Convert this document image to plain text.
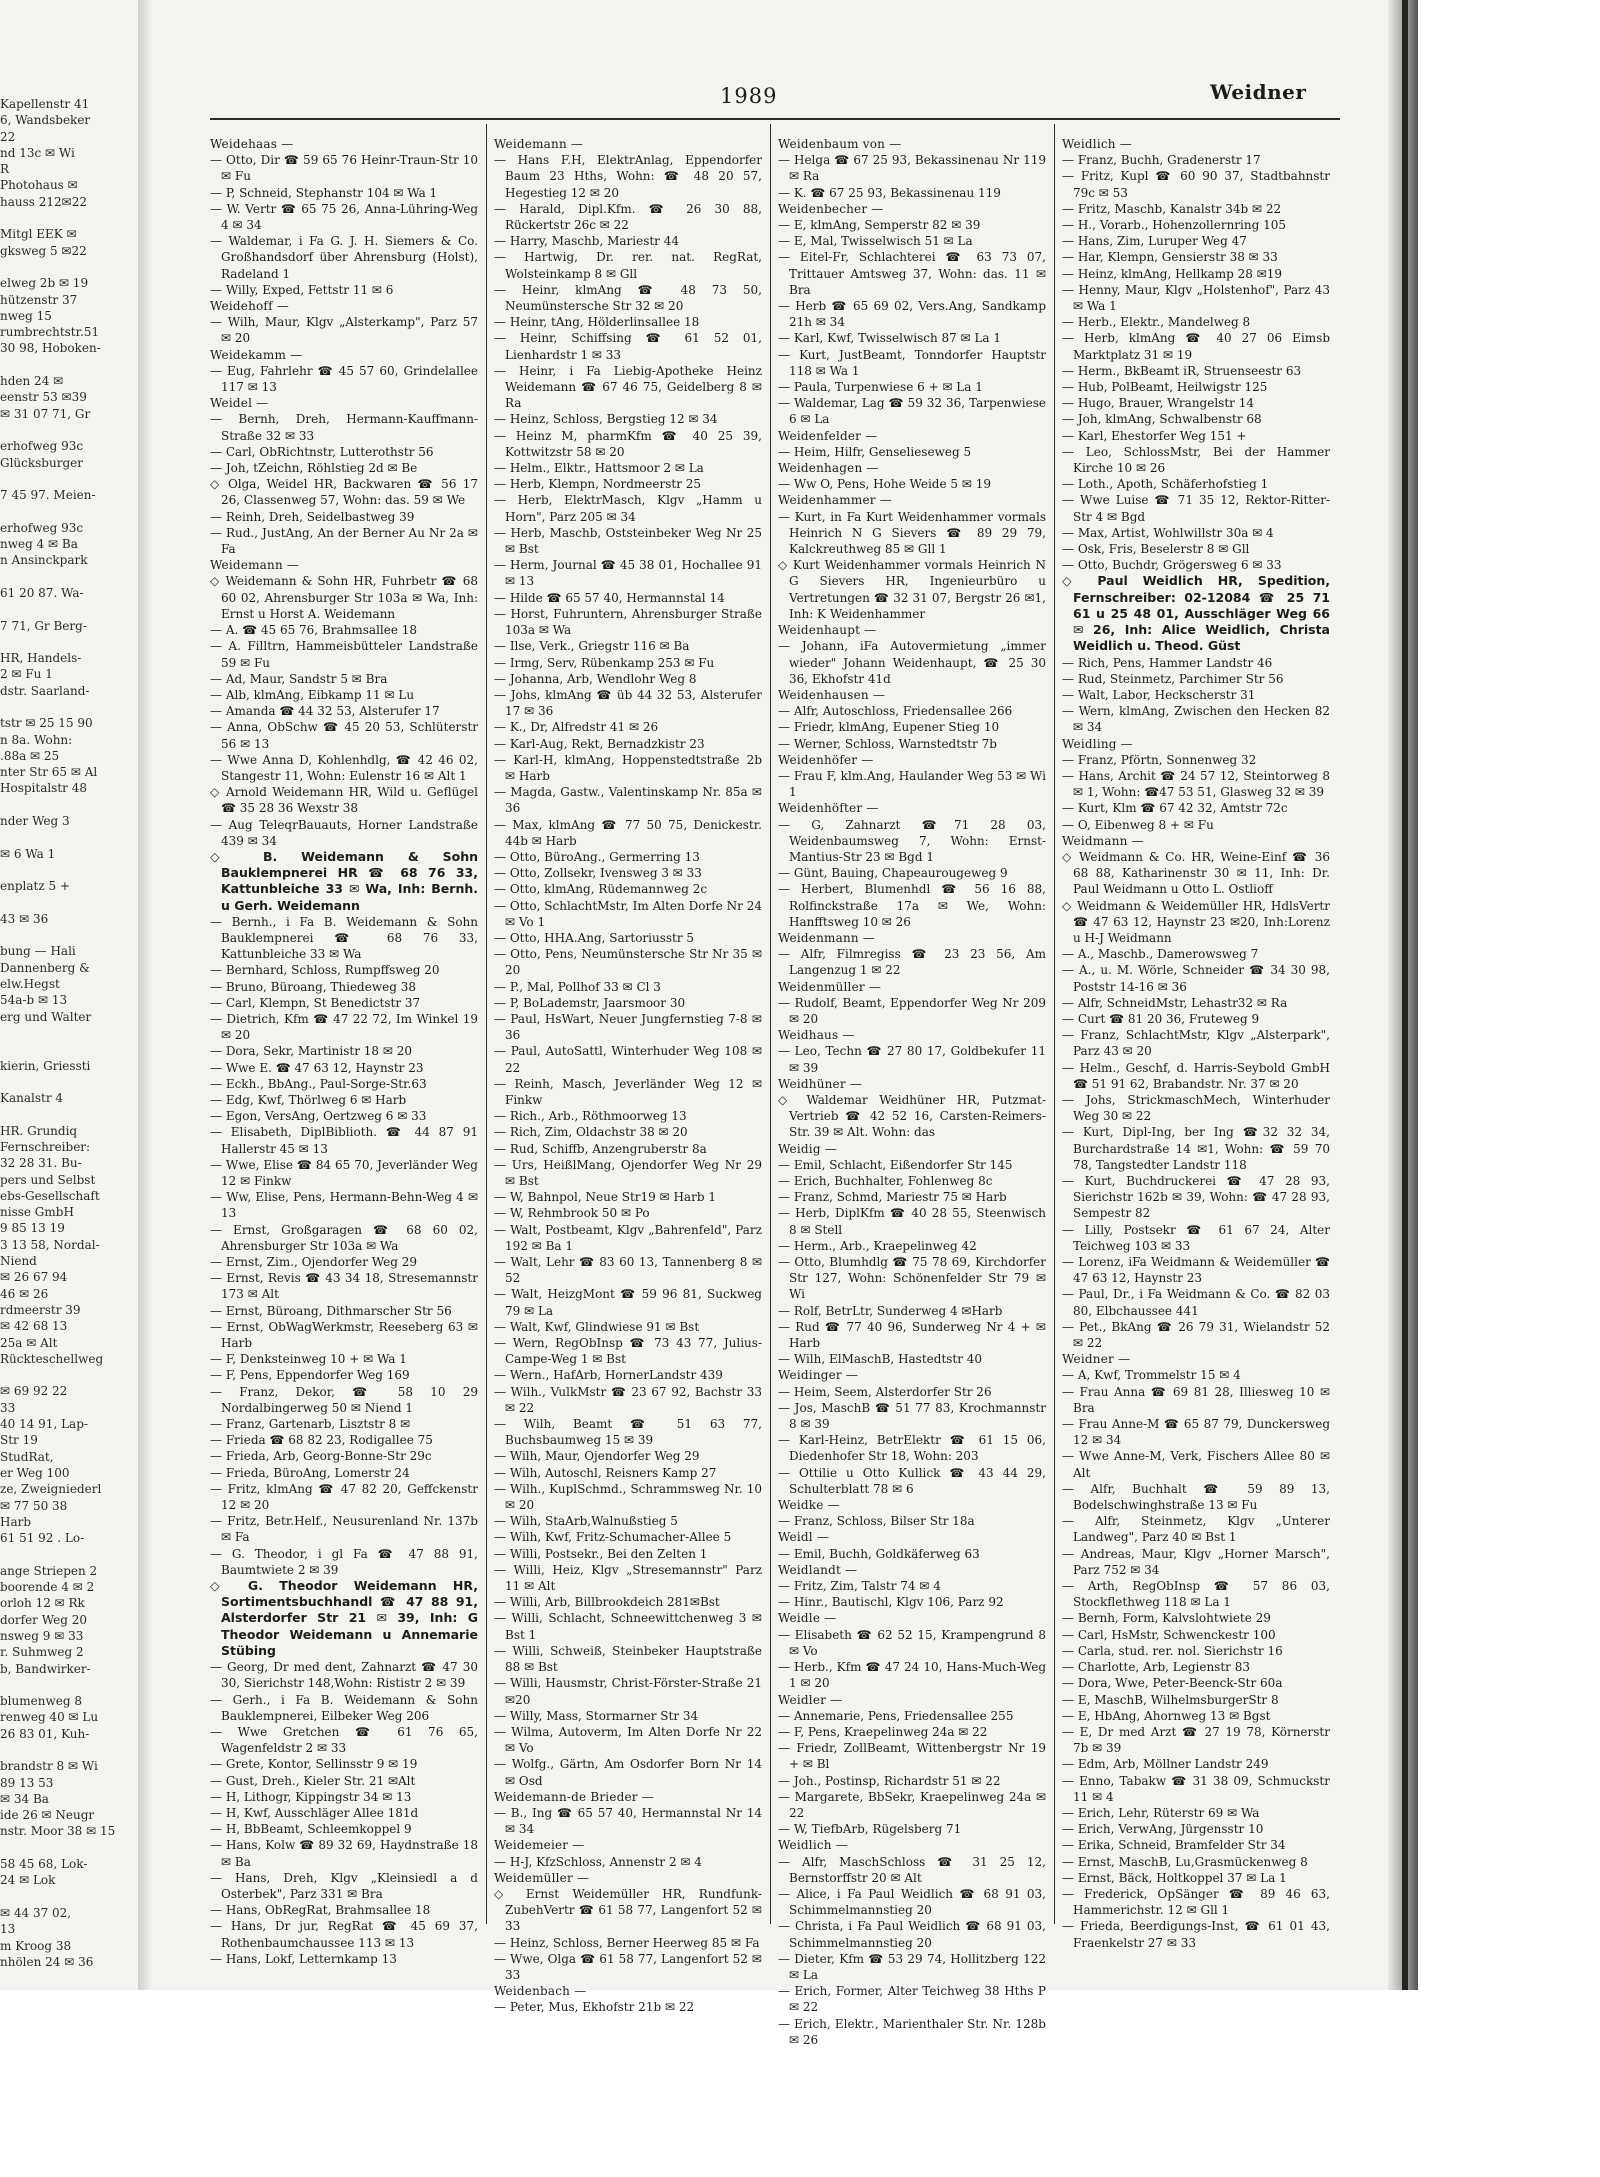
Kapellenstr 41
6, Wandsbeker
22
nd 13c ✉ Wi
R
Photohaus ✉
hauss 212✉22

Mitgl EEK ✉
gksweg 5 ✉22

elweg 2b ✉ 19
hützenstr 37
nweg 15
rumbrechtstr.51
30 98, Hoboken-

hden 24 ✉
eenstr 53 ✉39
✉ 31 07 71, Gr

erhofweg 93c
Glücksburger

7 45 97. Meien-

erhofweg 93c
nweg 4 ✉ Ba
n Ansinckpark

61 20 87. Wa-

7 71, Gr Berg-

HR, Handels-
2 ✉ Fu 1
dstr. Saarland-

tstr ✉ 25 15 90
n 8a. Wohn:
.88a ✉ 25
nter Str 65 ✉ Al
Hospitalstr 48

nder Weg 3

✉ 6 Wa 1

enplatz 5 +

43 ✉ 36

bung — Hali
Dannenberg &
elw.Hegst
54a-b ✉ 13
erg und Walter

kierin, Griessti

Kanalstr 4

HR. Grundiq
Fernschreiber:
32 28 31. Bu-
pers und Selbst
ebs-Gesellschaft
nisse GmbH
9 85 13 19
3 13 58, Nordal-
Niend
✉ 26 67 94
46 ✉ 26
rdmeerstr 39
✉ 42 68 13
25a ✉ Alt
Rückteschellweg

✉ 69 92 22
33
40 14 91, Lap-
Str 19
StudRat,
er Weg 100
ze, Zweigniederl
✉ 77 50 38
Harb
61 51 92 . Lo-

ange Striepen 2
boorende 4 ✉ 2
orloh 12 ✉ Rk
dorfer Weg 20
nsweg 9 ✉ 33
r. Suhmweg 2
b, Bandwirker-

blumenweg 8
renweg 40 ✉ Lu
26 83 01, Kuh-

brandstr 8 ✉ Wi
89 13 53
✉ 34 Ba
ide 26 ✉ Neugr
nstr. Moor 38 ✉ 15

58 45 68, Lok-
24 ✉ Lok

✉ 44 37 02,
13
m Kroog 38
nhölen 24 ✉ 36
1989	Weidner
Weidehaas —
— Otto, Dir ☎ 59 65 76 Heinr-Traun-Str 10 ✉ Fu
— P, Schneid, Stephanstr 104 ✉ Wa 1
— W. Vertr ☎ 65 75 26, Anna-Lühring-Weg 4 ✉ 34
— Waldemar, i Fa G. J. H. Siemers & Co. Großhandsdorf über Ahrensburg (Holst), Radeland 1
— Willy, Exped, Fettstr 11 ✉ 6
Weidehoff —
— Wilh, Maur, Klgv „Alsterkamp", Parz 57 ✉ 20
Weidekamm —
— Eug, Fahrlehr ☎ 45 57 60, Grindelallee 117 ✉ 13
Weidel —
— Bernh, Dreh, Hermann-Kauffmann-Straße 32 ✉ 33
— Carl, ObRichtnstr, Lutterothstr 56
— Joh, tZeichn, Röhlstieg 2d ✉ Be
◇ Olga, Weidel HR, Backwaren ☎ 56 17 26, Classenweg 57, Wohn: das. 59 ✉ We
— Reinh, Dreh, Seidelbastweg 39
— Rud., JustAng, An der Berner Au Nr 2a ✉ Fa
Weidemann —
◇ Weidemann & Sohn HR, Fuhrbetr ☎ 68 60 02, Ahrensburger Str 103a ✉ Wa, Inh: Ernst u Horst A. Weidemann
— A. ☎ 45 65 76, Brahmsallee 18
— A. Filltrn, Hammeisbütteler Landstraße 59 ✉ Fu
— Ad, Maur, Sandstr 5 ✉ Bra
— Alb, klmAng, Eibkamp 11 ✉ Lu
— Amanda ☎ 44 32 53, Alsterufer 17
— Anna, ObSchw ☎ 45 20 53, Schlüterstr 56 ✉ 13
— Wwe Anna D, Kohlenhdlg, ☎ 42 46 02, Stangestr 11, Wohn: Eulenstr 16 ✉ Alt 1
◇ Arnold Weidemann HR, Wild u. Geflügel ☎ 35 28 36 Wexstr 38
— Aug TeleqrBauauts, Horner Landstraße 439 ✉ 34
◇ B. Weidemann & Sohn Bauklempnerei HR ☎ 68 76 33, Kattunbleiche 33 ✉ Wa, Inh: Bernh. u Gerh. Weidemann
— Bernh., i Fa B. Weidemann & Sohn Bauklempnerei ☎ 68 76 33, Kattunbleiche 33 ✉ Wa
— Bernhard, Schloss, Rumpffsweg 20
— Bruno, Büroang, Thiedeweg 38
— Carl, Klempn, St Benedictstr 37
— Dietrich, Kfm ☎ 47 22 72, Im Winkel 19 ✉ 20
— Dora, Sekr, Martinistr 18 ✉ 20
— Wwe E. ☎ 47 63 12, Haynstr 23
— Eckh., BbAng., Paul-Sorge-Str.63
— Edg, Kwf, Thörlweg 6 ✉ Harb
— Egon, VersAng, Oertzweg 6 ✉ 33
— Elisabeth, DiplBiblioth. ☎ 44 87 91 Hallerstr 45 ✉ 13
— Wwe, Elise ☎ 84 65 70, Jeverländer Weg 12 ✉ Finkw
— Ww, Elise, Pens, Hermann-Behn-Weg 4 ✉ 13
— Ernst, Großgaragen ☎ 68 60 02, Ahrensburger Str 103a ✉ Wa
— Ernst, Zim., Ojendorfer Weg 29
— Ernst, Revis ☎ 43 34 18, Stresemannstr 173 ✉ Alt
— Ernst, Büroang, Dithmarscher Str 56
— Ernst, ObWagWerkmstr, Reeseberg 63 ✉ Harb
— F, Denksteinweg 10 + ✉ Wa 1
— F, Pens, Eppendorfer Weg 169
— Franz, Dekor, ☎ 58 10 29 Nordalbingerweg 50 ✉ Niend 1
— Franz, Gartenarb, Lisztstr 8 ✉
— Frieda ☎ 68 82 23, Rodigallee 75
— Frieda, Arb, Georg-Bonne-Str 29c
— Frieda, BüroAng, Lomerstr 24
— Fritz, klmAng ☎ 47 82 20, Geffckenstr 12 ✉ 20
— Fritz, Betr.Helf., Neusurenland Nr. 137b ✉ Fa
— G. Theodor, i gl Fa ☎ 47 88 91, Baumtwiete 2 ✉ 39
◇ G. Theodor Weidemann HR, Sortimentsbuchhandl ☎ 47 88 91, Alsterdorfer Str 21 ✉ 39, Inh: G Theodor Weidemann u Annemarie Stübing
— Georg, Dr med dent, Zahnarzt ☎ 47 30 30, Sierichstr 148,Wohn: Rististr 2 ✉ 39
— Gerh., i Fa B. Weidemann & Sohn Bauklempnerei, Eilbeker Weg 206
— Wwe Gretchen ☎ 61 76 65, Wagenfeldstr 2 ✉ 33
— Grete, Kontor, Sellinsstr 9 ✉ 19
— Gust, Dreh., Kieler Str. 21 ✉Alt
— H, Lithogr, Kippingstr 34 ✉ 13
— H, Kwf, Ausschläger Allee 181d
— H, BbBeamt, Schleemkoppel 9
— Hans, Kolw ☎ 89 32 69, Haydnstraße 18 ✉ Ba
— Hans, Dreh, Klgv „Kleinsiedl a d Osterbek", Parz 331 ✉ Bra
— Hans, ObRegRat, Brahmsallee 18
— Hans, Dr jur, RegRat ☎ 45 69 37, Rothenbaumchaussee 113 ✉ 13
— Hans, Lokf, Letternkamp 13
Weidemann —
— Hans F.H, ElektrAnlag, Eppendorfer Baum 23 Hths, Wohn: ☎ 48 20 57, Hegestieg 12 ✉ 20
— Harald, Dipl.Kfm. ☎ 26 30 88, Rückertstr 26c ✉ 22
— Harry, Maschb, Mariestr 44
— Hartwig, Dr. rer. nat. RegRat, Wolsteinkamp 8 ✉ Gll
— Heinr, klmAng ☎ 48 73 50, Neumünstersche Str 32 ✉ 20
— Heinr, tAng, Hölderlinsallee 18
— Heinr, Schiffsing ☎ 61 52 01, Lienhardstr 1 ✉ 33
— Heinr, i Fa Liebig-Apotheke Heinz Weidemann ☎ 67 46 75, Geidelberg 8 ✉ Ra
— Heinz, Schloss, Bergstieg 12 ✉ 34
— Heinz M, pharmKfm ☎ 40 25 39, Kottwitzstr 58 ✉ 20
— Helm., Elktr., Hattsmoor 2 ✉ La
— Herb, Klempn, Nordmeerstr 25
— Herb, ElektrMasch, Klgv „Hamm u Horn", Parz 205 ✉ 34
— Herb, Maschb, Oststeinbeker Weg Nr 25 ✉ Bst
— Herm, Journal ☎ 45 38 01, Hochallee 91 ✉ 13
— Hilde ☎ 65 57 40, Hermannstal 14
— Horst, Fuhruntern, Ahrensburger Straße 103a ✉ Wa
— Ilse, Verk., Griegstr 116 ✉ Ba
— Irmg, Serv, Rübenkamp 253 ✉ Fu
— Johanna, Arb, Wendlohr Weg 8
— Johs, klmAng ☎ üb 44 32 53, Alsterufer 17 ✉ 36
— K., Dr, Alfredstr 41 ✉ 26
— Karl-Aug, Rekt, Bernadzkistr 23
— Karl-H, klmAng, Hoppenstedtstraße 2b ✉ Harb
— Magda, Gastw., Valentinskamp Nr. 85a ✉ 36
— Max, klmAng ☎ 77 50 75, Denickestr. 44b ✉ Harb
— Otto, BüroAng., Germerring 13
— Otto, Zollsekr, Ivensweg 3 ✉ 33
— Otto, klmAng, Rüdemannweg 2c
— Otto, SchlachtMstr, Im Alten Dorfe Nr 24 ✉ Vo 1
— Otto, HHA.Ang, Sartoriusstr 5
— Otto, Pens, Neumünstersche Str Nr 35 ✉ 20
— P., Mal, Pollhof 33 ✉ Cl 3
— P, BoLademstr, Jaarsmoor 30
— Paul, HsWart, Neuer Jungfernstieg 7-8 ✉ 36
— Paul, AutoSattl, Winterhuder Weg 108 ✉ 22
— Reinh, Masch, Jeverländer Weg 12 ✉ Finkw
— Rich., Arb., Röthmoorweg 13
— Rich, Zim, Oldachstr 38 ✉ 20
— Rud, Schiffb, Anzengruberstr 8a
— Urs, HeißlMang, Ojendorfer Weg Nr 29 ✉ Bst
— W, Bahnpol, Neue Str19 ✉ Harb 1
— W, Rehmbrook 50 ✉ Po
— Walt, Postbeamt, Klgv „Bahrenfeld", Parz 192 ✉ Ba 1
— Walt, Lehr ☎ 83 60 13, Tannenberg 8 ✉ 52
— Walt, HeizgMont ☎ 59 96 81, Suckweg 79 ✉ La
— Walt, Kwf, Glindwiese 91 ✉ Bst
— Wern, RegObInsp ☎ 73 43 77, Julius-Campe-Weg 1 ✉ Bst
— Wern., HafArb, HornerLandstr 439
— Wilh., VulkMstr ☎ 23 67 92, Bachstr 33 ✉ 22
— Wilh, Beamt ☎ 51 63 77, Buchsbaumweg 15 ✉ 39
— Wilh, Maur, Ojendorfer Weg 29
— Wilh, Autoschl, Reisners Kamp 27
— Wilh., KuplSchmd., Schrammsweg Nr. 10 ✉ 20
— Wilh, StaArb,Walnußstieg 5
— Wilh, Kwf, Fritz-Schumacher-Allee 5
— Willi, Postsekr., Bei den Zelten 1
— Willi, Heiz, Klgv „Stresemannstr" Parz 11 ✉ Alt
— Willi, Arb, Billbrookdeich 281✉Bst
— Willi, Schlacht, Schneewittchenweg 3 ✉ Bst 1
— Willi, Schweiß, Steinbeker Hauptstraße 88 ✉ Bst
— Willi, Hausmstr, Christ-Förster-Straße 21 ✉20
— Willy, Mass, Stormarner Str 34
— Wilma, Autoverm, Im Alten Dorfe Nr 22 ✉ Vo
— Wolfg., Gärtn, Am Osdorfer Born Nr 14 ✉ Osd
Weidemann-de Brieder —
— B., Ing ☎ 65 57 40, Hermannstal Nr 14 ✉ 34
Weidemeier —
— H-J, KfzSchloss, Annenstr 2 ✉ 4
Weidemüller —
◇ Ernst Weidemüller HR, Rundfunk-ZubehVertr ☎ 61 58 77, Langenfort 52 ✉ 33
— Heinz, Schloss, Berner Heerweg 85 ✉ Fa
— Wwe, Olga ☎ 61 58 77, Langenfort 52 ✉ 33
Weidenbach —
— Peter, Mus, Ekhofstr 21b ✉ 22
Weidenbaum von —
— Helga ☎ 67 25 93, Bekassinenau Nr 119 ✉ Ra
— K. ☎ 67 25 93, Bekassinenau 119
Weidenbecher —
— E, klmAng, Semperstr 82 ✉ 39
— E, Mal, Twisselwisch 51 ✉ La
— Eitel-Fr, Schlachterei ☎ 63 73 07, Trittauer Amtsweg 37, Wohn: das. 11 ✉ Bra
— Herb ☎ 65 69 02, Vers.Ang, Sandkamp 21h ✉ 34
— Karl, Kwf, Twisselwisch 87 ✉ La 1
— Kurt, JustBeamt, Tonndorfer Hauptstr 118 ✉ Wa 1
— Paula, Turpenwiese 6 + ✉ La 1
— Waldemar, Lag ☎ 59 32 36, Tarpenwiese 6 ✉ La
Weidenfelder —
— Heim, Hilfr, Genselieseweg 5
Weidenhagen —
— Ww O, Pens, Hohe Weide 5 ✉ 19
Weidenhammer —
— Kurt, in Fa Kurt Weidenhammer vormals Heinrich N G Sievers ☎ 89 29 79, Kalckreuthweg 85 ✉ Gll 1
◇ Kurt Weidenhammer vormals Heinrich N G Sievers HR, Ingenieurbüro u Vertretungen ☎ 32 31 07, Bergstr 26 ✉1, Inh: K Weidenhammer
Weidenhaupt —
— Johann, iFa Autovermietung „immer wieder" Johann Weidenhaupt, ☎ 25 30 36, Ekhofstr 41d
Weidenhausen —
— Alfr, Autoschloss, Friedensallee 266
— Friedr, klmAng, Eupener Stieg 10
— Werner, Schloss, Warnstedtstr 7b
Weidenhöfer —
— Frau F, klm.Ang, Haulander Weg 53 ✉ Wi 1
Weidenhöfter —
— G, Zahnarzt ☎71 28 03, Weidenbaumsweg 7, Wohn: Ernst-Mantius-Str 23 ✉ Bgd 1
— Günt, Bauing, Chapeaurougeweg 9
— Herbert, Blumenhdl ☎ 56 16 88, Rolfinckstraße 17a ✉ We, Wohn: Hanfftsweg 10 ✉ 26
Weidenmann —
— Alfr, Filmregiss ☎ 23 23 56, Am Langenzug 1 ✉ 22
Weidenmüller —
— Rudolf, Beamt, Eppendorfer Weg Nr 209 ✉ 20
Weidhaus —
— Leo, Techn ☎ 27 80 17, Goldbekufer 11 ✉ 39
Weidhüner —
◇ Waldemar Weidhüner HR, Putzmat-Vertrieb ☎ 42 52 16, Carsten-Reimers-Str. 39 ✉ Alt. Wohn: das
Weidig —
— Emil, Schlacht, Eißendorfer Str 145
— Erich, Buchhalter, Fohlenweg 8c
— Franz, Schmd, Mariestr 75 ✉ Harb
— Herb, DiplKfm ☎ 40 28 55, Steenwisch 8 ✉ Stell
— Herm., Arb., Kraepelinweg 42
— Otto, Blumhdlg ☎ 75 78 69, Kirchdorfer Str 127, Wohn: Schönenfelder Str 79 ✉ Wi
— Rolf, BetrLtr, Sunderweg 4 ✉Harb
— Rud ☎ 77 40 96, Sunderweg Nr 4 + ✉ Harb
— Wilh, ElMaschB, Hastedtstr 40
Weidinger —
— Heim, Seem, Alsterdorfer Str 26
— Jos, MaschB ☎ 51 77 83, Krochmannstr 8 ✉ 39
— Karl-Heinz, BetrElektr ☎ 61 15 06, Diedenhofer Str 18, Wohn: 203
— Ottilie u Otto Kullick ☎ 43 44 29, Schulterblatt 78 ✉ 6
Weidke —
— Franz, Schloss, Bilser Str 18a
Weidl —
— Emil, Buchh, Goldkäferweg 63
Weidlandt —
— Fritz, Zim, Talstr 74 ✉ 4
— Hinr., Bautischl, Klgv 106, Parz 92
Weidle —
— Elisabeth ☎ 62 52 15, Krampengrund 8 ✉ Vo
— Herb., Kfm ☎ 47 24 10, Hans-Much-Weg 1 ✉ 20
Weidler —
— Annemarie, Pens, Friedensallee 255
— F, Pens, Kraepelinweg 24a ✉ 22
— Friedr, ZollBeamt, Wittenbergstr Nr 19 + ✉ Bl
— Joh., Postinsp, Richardstr 51 ✉ 22
— Margarete, BbSekr, Kraepelinweg 24a ✉ 22
— W, TiefbArb, Rügelsberg 71
Weidlich —
— Alfr, MaschSchloss ☎ 31 25 12, Bernstorffstr 20 ✉ Alt
— Alice, i Fa Paul Weidlich ☎ 68 91 03, Schimmelmannstieg 20
— Christa, i Fa Paul Weidlich ☎ 68 91 03, Schimmelmannstieg 20
— Dieter, Kfm ☎ 53 29 74, Hollitzberg 122 ✉ La
— Erich, Former, Alter Teichweg 38 Hths P ✉ 22
— Erich, Elektr., Marienthaler Str. Nr. 128b ✉ 26
Weidlich —
— Franz, Buchh, Gradenerstr 17
— Fritz, Kupl ☎ 60 90 37, Stadtbahnstr 79c ✉ 53
— Fritz, Maschb, Kanalstr 34b ✉ 22
— H., Vorarb., Hohenzollernring 105
— Hans, Zim, Luruper Weg 47
— Har, Klempn, Gensierstr 38 ✉ 33
— Heinz, klmAng, Hellkamp 28 ✉19
— Henny, Maur, Klgv „Holstenhof", Parz 43 ✉ Wa 1
— Herb., Elektr., Mandelweg 8
— Herb, klmAng ☎ 40 27 06 Eimsb Marktplatz 31 ✉ 19
— Herm., BkBeamt iR, Struenseestr 63
— Hub, PolBeamt, Heilwigstr 125
— Hugo, Brauer, Wrangelstr 14
— Joh, klmAng, Schwalbenstr 68
— Karl, Ehestorfer Weg 151 +
— Leo, SchlossMstr, Bei der Hammer Kirche 10 ✉ 26
— Loth., Apoth, Schäferhofstieg 1
— Wwe Luise ☎ 71 35 12, Rektor-Ritter-Str 4 ✉ Bgd
— Max, Artist, Wohlwillstr 30a ✉ 4
— Osk, Fris, Beselerstr 8 ✉ Gll
— Otto, Buchdr, Grögersweg 6 ✉ 33
◇ Paul Weidlich HR, Spedition, Fernschreiber: 02-12084 ☎ 25 71 61 u 25 48 01, Ausschläger Weg 66 ✉ 26, Inh: Alice Weidlich, Christa Weidlich u. Theod. Güst
— Rich, Pens, Hammer Landstr 46
— Rud, Steinmetz, Parchimer Str 56
— Walt, Labor, Heckscherstr 31
— Wern, klmAng, Zwischen den Hecken 82 ✉ 34
Weidling —
— Franz, Pförtn, Sonnenweg 32
— Hans, Archit ☎ 24 57 12, Steintorweg 8 ✉ 1, Wohn: ☎47 53 51, Glasweg 32 ✉ 39
— Kurt, Klm ☎ 67 42 32, Amtstr 72c
— O, Eibenweg 8 + ✉ Fu
Weidmann —
◇ Weidmann & Co. HR, Weine-Einf ☎ 36 68 88, Katharinenstr 30 ✉ 11, Inh: Dr. Paul Weidmann u Otto L. Ostlioff
◇ Weidmann & Weidemüller HR, HdlsVertr ☎ 47 63 12, Haynstr 23 ✉20, Inh:Lorenz u H-J Weidmann
— A., Maschb., Damerowsweg 7
— A., u. M. Wörle, Schneider ☎ 34 30 98, Poststr 14-16 ✉ 36
— Alfr, SchneidMstr, Lehastr32 ✉ Ra
— Curt ☎ 81 20 36, Fruteweg 9
— Franz, SchlachtMstr, Klgv „Alsterpark", Parz 43 ✉ 20
— Helm., Geschf, d. Harris-Seybold GmbH ☎ 51 91 62, Brabandstr. Nr. 37 ✉ 20
— Johs, StrickmaschMech, Winterhuder Weg 30 ✉ 22
— Kurt, Dipl-Ing, ber Ing ☎32 32 34, Burchardstraße 14 ✉1, Wohn: ☎ 59 70 78, Tangstedter Landstr 118
— Kurt, Buchdruckerei ☎ 47 28 93, Sierichstr 162b ✉ 39, Wohn: ☎ 47 28 93, Sempestr 82
— Lilly, Postsekr ☎ 61 67 24, Alter Teichweg 103 ✉ 33
— Lorenz, iFa Weidmann & Weidemüller ☎ 47 63 12, Haynstr 23
— Paul, Dr., i Fa Weidmann & Co. ☎ 82 03 80, Elbchaussee 441
— Pet., BkAng ☎ 26 79 31, Wielandstr 52 ✉ 22
Weidner —
— A, Kwf, Trommelstr 15 ✉ 4
— Frau Anna ☎ 69 81 28, Illiesweg 10 ✉ Bra
— Frau Anne-M ☎ 65 87 79, Dunckersweg 12 ✉ 34
— Wwe Anne-M, Verk, Fischers Allee 80 ✉ Alt
— Alfr, Buchhalt ☎ 59 89 13, Bodelschwinghstraße 13 ✉ Fu
— Alfr, Steinmetz, Klgv „Unterer Landweg", Parz 40 ✉ Bst 1
— Andreas, Maur, Klgv „Horner Marsch", Parz 752 ✉ 34
— Arth, RegObInsp ☎ 57 86 03, Stockflethweg 118 ✉ La 1
— Bernh, Form, Kalvslohtwiete 29
— Carl, HsMstr, Schwenckestr 100
— Carla, stud. rer. nol. Sierichstr 16
— Charlotte, Arb, Legienstr 83
— Dora, Wwe, Peter-Beenck-Str 60a
— E, MaschB, WilhelmsburgerStr 8
— E, HbAng, Ahornweg 13 ✉ Bgst
— E, Dr med Arzt ☎ 27 19 78, Körnerstr 7b ✉ 39
— Edm, Arb, Möllner Landstr 249
— Enno, Tabakw ☎ 31 38 09, Schmuckstr 11 ✉ 4
— Erich, Lehr, Rüterstr 69 ✉ Wa
— Erich, VerwAng, Jürgensstr 10
— Erika, Schneid, Bramfelder Str 34
— Ernst, MaschB, Lu,Grasmückenweg 8
— Ernst, Bäck, Holtkoppel 37 ✉ La 1
— Frederick, OpSänger ☎ 89 46 63, Hammerichstr. 12 ✉ Gll 1
— Frieda, Beerdigungs-Inst, ☎ 61 01 43, Fraenkelstr 27 ✉ 33
